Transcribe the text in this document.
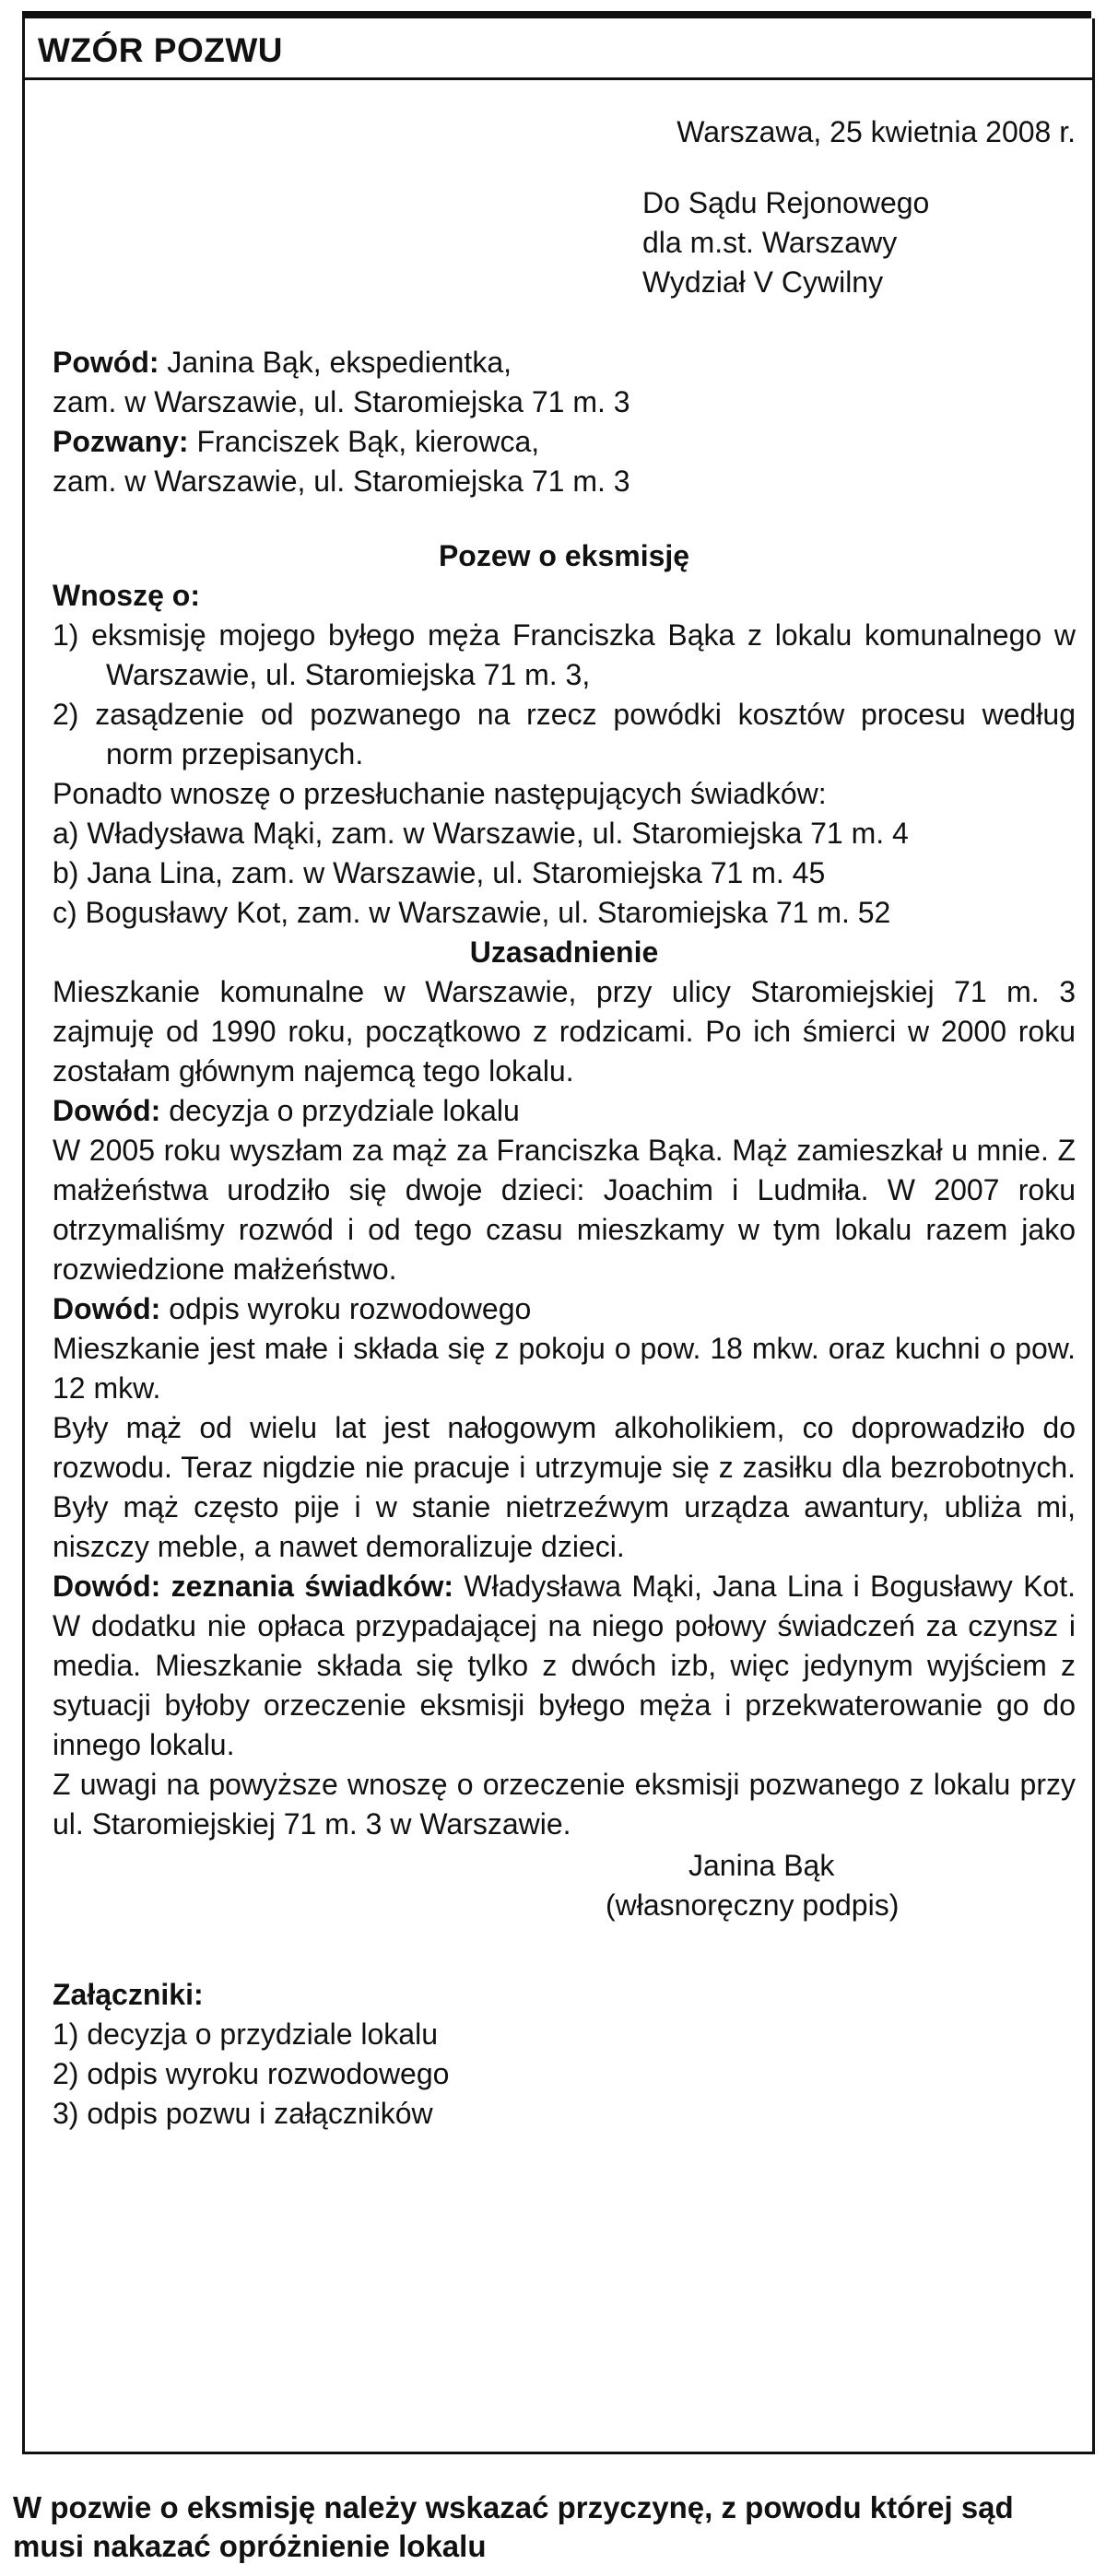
WZÓR POZWU
Warszawa, 25 kwietnia 2008 r.
Do Sądu Rejonowego
dla m.st. Warszawy
Wydział V Cywilny
Powód: Janina Bąk, ekspedientka,
zam. w Warszawie, ul. Staromiejska 71 m. 3
Pozwany: Franciszek Bąk, kierowca,
zam. w Warszawie, ul. Staromiejska 71 m. 3
Pozew o eksmisję
Wnoszę o:
1) eksmisję mojego byłego męża Franciszka Bąka z lokalu komunalnego w Warszawie, ul. Staromiejska 71 m. 3,
2) zasądzenie od pozwanego na rzecz powódki kosztów procesu według norm przepisanych.
Ponadto wnoszę o przesłuchanie następujących świadków:
a) Władysława Mąki, zam. w Warszawie, ul. Staromiejska 71 m. 4
b) Jana Lina, zam. w Warszawie, ul. Staromiejska 71 m. 45
c) Bogusławy Kot, zam. w Warszawie, ul. Staromiejska 71 m. 52
Uzasadnienie
Mieszkanie komunalne w Warszawie, przy ulicy Staromiejskiej 71 m. 3 zajmuję od 1990 roku, początkowo z rodzicami. Po ich śmierci w 2000 roku zostałam głównym najemcą tego lokalu.
Dowód: decyzja o przydziale lokalu
W 2005 roku wyszłam za mąż za Franciszka Bąka. Mąż zamieszkał u mnie. Z małżeństwa urodziło się dwoje dzieci: Joachim i Ludmiła. W 2007 roku otrzymaliśmy rozwód i od tego czasu mieszkamy w tym lokalu razem jako rozwiedzione małżeństwo.
Dowód: odpis wyroku rozwodowego
Mieszkanie jest małe i składa się z pokoju o pow. 18 mkw. oraz kuchni o pow. 12 mkw.
Były mąż od wielu lat jest nałogowym alkoholikiem, co doprowadziło do rozwodu. Teraz nigdzie nie pracuje i utrzymuje się z zasiłku dla bezrobotnych. Były mąż często pije i w stanie nietrzeźwym urządza awantury, ubliża mi, niszczy meble, a nawet demoralizuje dzieci.
Dowód: zeznania świadków: Władysława Mąki, Jana Lina i Bogusławy Kot. W dodatku nie opłaca przypadającej na niego połowy świadczeń za czynsz i media. Mieszkanie składa się tylko z dwóch izb, więc jedynym wyjściem z sytuacji byłoby orzeczenie eksmisji byłego męża i przekwaterowanie go do innego lokalu.
Z uwagi na powyższe wnoszę o orzeczenie eksmisji pozwanego z lokalu przy ul. Staromiejskiej 71 m. 3 w Warszawie.
Janina Bąk
(własnoręczny podpis)
Załączniki:
1) decyzja o przydziale lokalu
2) odpis wyroku rozwodowego
3) odpis pozwu i załączników
W pozwie o eksmisję należy wskazać przyczynę, z powodu której sąd musi nakazać opróżnienie lokalu
